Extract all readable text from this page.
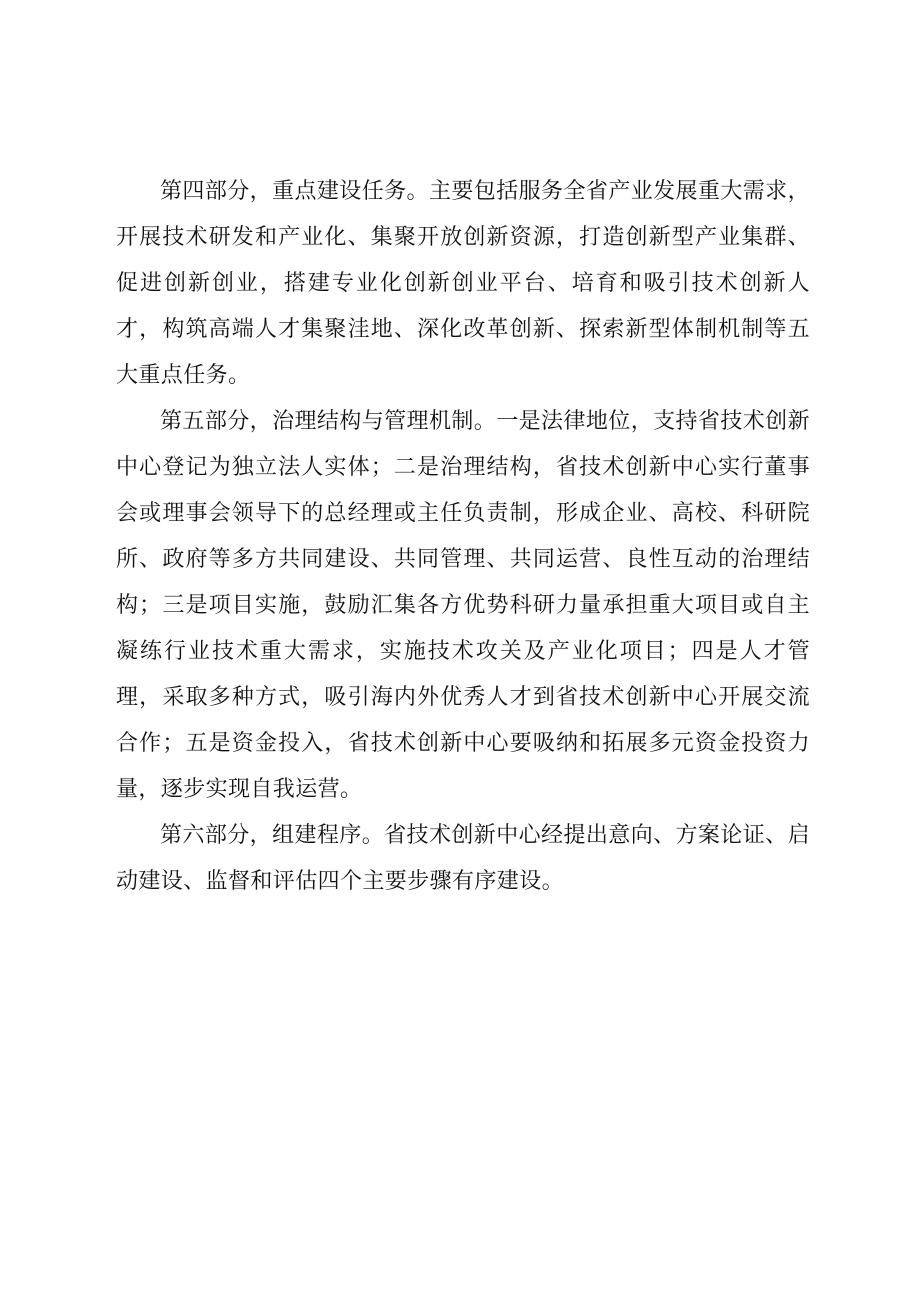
第四部分，重点建设任务。主要包括服务全省产业发展重大需求，开展技术研发和产业化、集聚开放创新资源，打造创新型产业集群、促进创新创业，搭建专业化创新创业平台、培育和吸引技术创新人才，构筑高端人才集聚洼地、深化改革创新、探索新型体制机制等五大重点任务。

第五部分，治理结构与管理机制。一是法律地位，支持省技术创新中心登记为独立法人实体；二是治理结构，省技术创新中心实行董事会或理事会领导下的总经理或主任负责制，形成企业、高校、科研院所、政府等多方共同建设、共同管理、共同运营、良性互动的治理结构；三是项目实施，鼓励汇集各方优势科研力量承担重大项目或自主凝练行业技术重大需求，实施技术攻关及产业化项目；四是人才管理，采取多种方式，吸引海内外优秀人才到省技术创新中心开展交流合作；五是资金投入，省技术创新中心要吸纳和拓展多元资金投资力量，逐步实现自我运营。

第六部分，组建程序。省技术创新中心经提出意向、方案论证、启动建设、监督和评估四个主要步骤有序建设。
